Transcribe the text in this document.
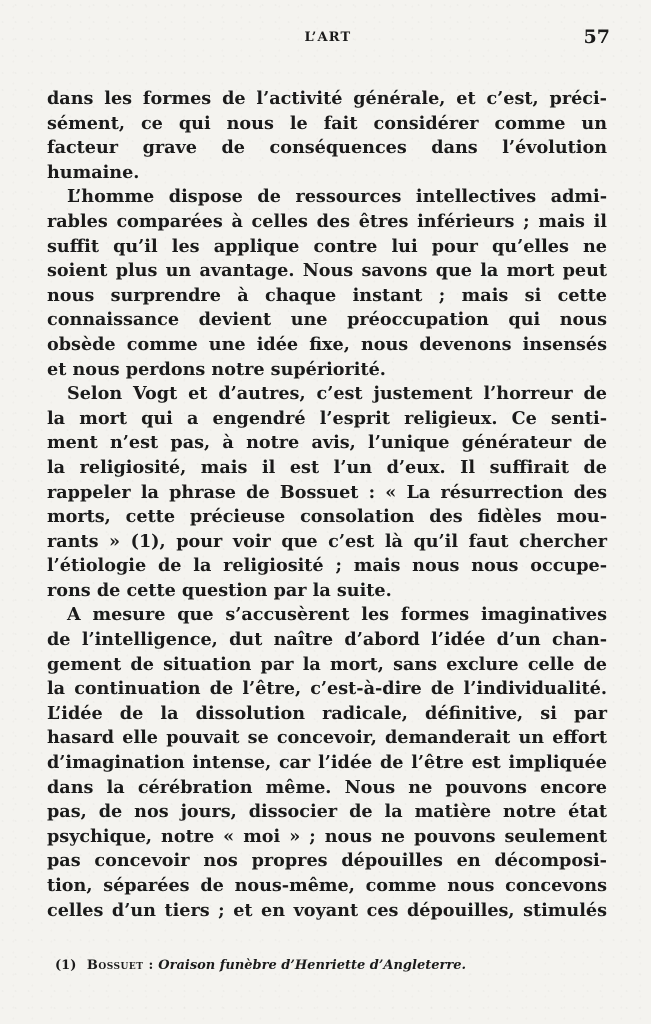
L’ART	57
dans les formes de l’activité générale, et c’est, préci-
sément, ce qui nous le fait considérer comme un
facteur grave de conséquences dans l’évolution
humaine.
L’homme dispose de ressources intellectives admi-
rables comparées à celles des êtres inférieurs ; mais il
suffit qu’il les applique contre lui pour qu’elles ne
soient plus un avantage. Nous savons que la mort peut
nous surprendre à chaque instant ; mais si cette
connaissance devient une préoccupation qui nous
obsède comme une idée fixe, nous devenons insensés
et nous perdons notre supériorité.
Selon Vogt et d’autres, c’est justement l’horreur de
la mort qui a engendré l’esprit religieux. Ce senti-
ment n’est pas, à notre avis, l’unique générateur de
la religiosité, mais il est l’un d’eux. Il suffirait de
rappeler la phrase de Bossuet : « La résurrection des
morts, cette précieuse consolation des fidèles mou-
rants » (1), pour voir que c’est là qu’il faut chercher
l’étiologie de la religiosité ; mais nous nous occupe-
rons de cette question par la suite.
A mesure que s’accusèrent les formes imaginatives
de l’intelligence, dut naître d’abord l’idée d’un chan-
gement de situation par la mort, sans exclure celle de
la continuation de l’être, c’est-à-dire de l’individualité.
L’idée de la dissolution radicale, définitive, si par
hasard elle pouvait se concevoir, demanderait un effort
d’imagination intense, car l’idée de l’être est impliquée
dans la cérébration même. Nous ne pouvons encore
pas, de nos jours, dissocier de la matière notre état
psychique, notre « moi » ; nous ne pouvons seulement
pas concevoir nos propres dépouilles en décomposi-
tion, séparées de nous-même, comme nous concevons
celles d’un tiers ; et en voyant ces dépouilles, stimulés
(1) Bossuet : Oraison funèbre d’Henriette d’Angleterre.
